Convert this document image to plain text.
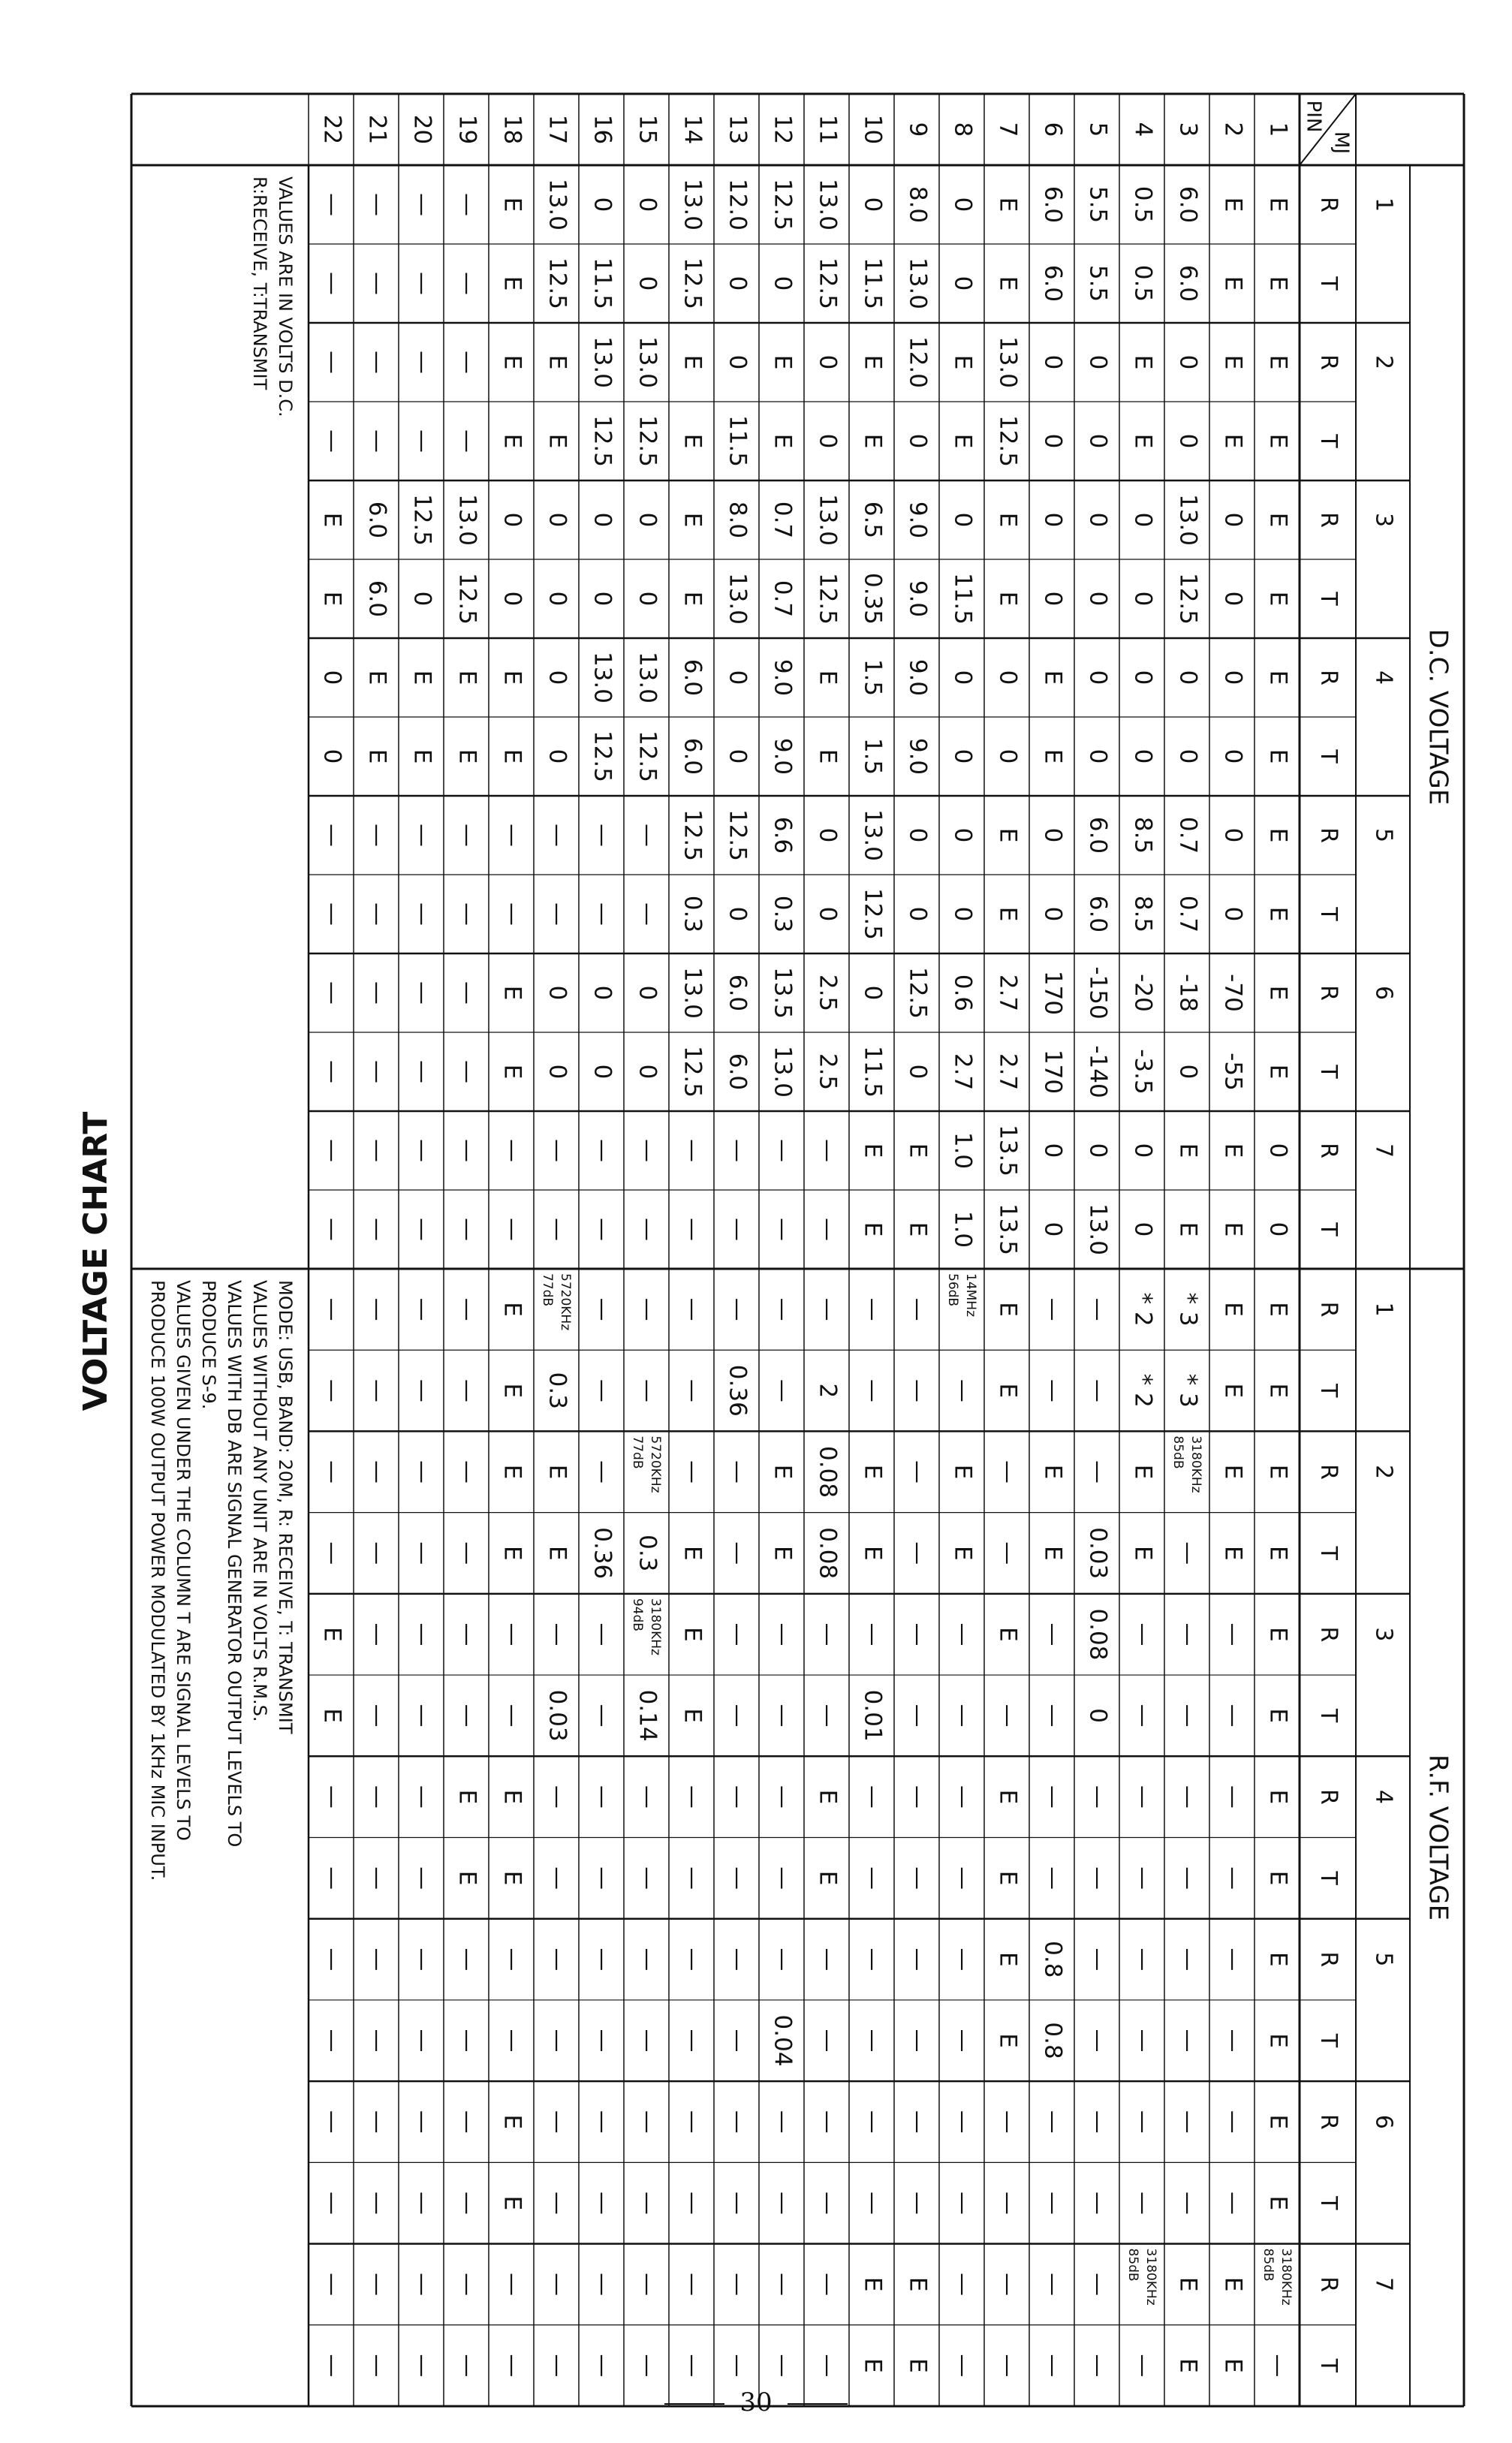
VOLTAGE CHART
MJ
PIN
D.C. VOLTAGE
1
R
T
2
R
T
3
R
T
4
R
T
5
R
T
6
R
T
7
R
T
E
E
E
E
E
E
E
E
E
E
E
E
0
0
E
E
E
E
0
0
0
0
0
0
-70
-55
E
E
6.0
6.0
0
0
13.0
12.5
0
0
0.7
0.7
-18
0
E
E
0.5
0.5
E
E
0
0
0
0
8.5
8.5
-20
-3.5
0
0
5.5
5.5
0
0
0
0
0
0
6.0
6.0
-150
-140
0
13.0
6.0
6.0
0
0
0
0
E
E
0
0
170
170
0
0
E
E
13.0
12.5
E
E
0
0
E
E
2.7
2.7
13.5
13.5
0
0
E
E
0
11.5
0
0
0
0
0.6
2.7
1.0
1.0
8.0
13.0
12.0
0
9.0
9.0
9.0
9.0
0
0
12.5
0
E
E
0
11.5
E
E
6.5
0.35
1.5
1.5
13.0
12.5
0
11.5
E
E
13.0
12.5
0
0
13.0
12.5
E
E
0
0
2.5
2.5
—
—
12.5
0
E
E
0.7
0.7
9.0
9.0
6.6
0.3
13.5
13.0
—
—
12.0
0
0
11.5
8.0
13.0
0
0
12.5
0
6.0
6.0
—
—
13.0
12.5
E
E
E
E
6.0
6.0
12.5
0.3
13.0
12.5
—
—
0
0
13.0
12.5
0
0
13.0
12.5
—
—
0
0
—
—
0
11.5
13.0
12.5
0
0
13.0
12.5
—
—
0
0
—
—
13.0
12.5
E
E
0
0
0
0
—
—
0
0
—
—
E
E
E
E
0
0
E
E
—
—
E
E
—
—
—
—
—
—
13.0
12.5
E
E
—
—
—
—
—
—
—
—
—
—
12.5
0
E
E
—
—
—
—
—
—
—
—
—
—
6.0
6.0
E
E
—
—
—
—
—
—
—
—
—
—
E
E
0
0
—
—
—
—
—
—
VALUES ARE IN VOLTS D.C.
R:RECEIVE, T:TRANSMIT
R.F. VOLTAGE
1
R
T
2
R
T
3
R
T
4
R
T
5
R
T
6
R
T
7
R
T
E
E
E
E
E
E
E
E
E
E
E
E
3180KHz
85dB
—
E
E
E
E
—
—
—
—
—
—
—
—
E
E
* 3
* 3
3180KHz
85dB
—
—
—
—
—
—
—
—
—
E
E
* 2
* 2
E
E
—
—
—
—
—
—
—
—
3180KHz
85dB
—
—
—
—
0.03
0.08
0
—
—
—
—
—
—
—
—
—
—
E
E
—
—
—
—
0.8
0.8
—
—
—
—
E
E
—
—
E
—
E
E
E
E
—
—
—
—
14MHz
56dB
—
E
E
—
—
—
—
—
—
—
—
—
—
—
—
—
—
—
—
—
—
—
—
—
—
E
E
—
—
E
E
—
0.01
—
—
—
—
—
—
E
E
—
2
0.08
0.08
—
—
E
E
—
—
—
—
—
—
—
—
E
E
—
—
—
—
—
0.04
—
—
—
—
—
0.36
—
—
—
—
—
—
—
—
—
—
—
—
—
—
—
E
E
E
—
—
—
—
—
—
—
—
—
—
5720KHz
77dB
0.3
3180KHz
94dB
0.14
—
—
—
—
—
—
—
—
—
—
—
0.36
—
—
—
—
—
—
—
—
—
—
5720KHz
77dB
0.3
E
E
—
0.03
—
—
—
—
—
—
—
—
E
E
E
E
—
—
E
E
—
—
E
E
—
—
—
—
—
—
—
—
E
E
—
—
—
—
—
—
—
—
—
—
—
—
—
—
—
—
—
—
—
—
—
—
—
—
—
—
—
—
—
—
—
—
—
—
—
—
—
—
E
E
—
—
—
—
—
—
—
—
MODE: USB, BAND: 20M, R: RECEIVE, T: TRANSMIT
VALUES WITHOUT ANY UNIT ARE IN VOLTS R.M.S.
VALUES WITH DB ARE SIGNAL GENERATOR OUTPUT LEVELS TO
PRODUCE S-9.
VALUES GIVEN UNDER THE COLUMN T ARE SIGNAL LEVELS TO
PRODUCE 100W OUTPUT POWER MODULATED BY 1KHz MIC INPUT.
1
2
3
4
5
6
7
8
9
10
11
12
13
14
15
16
17
18
19
20
21
22
30
